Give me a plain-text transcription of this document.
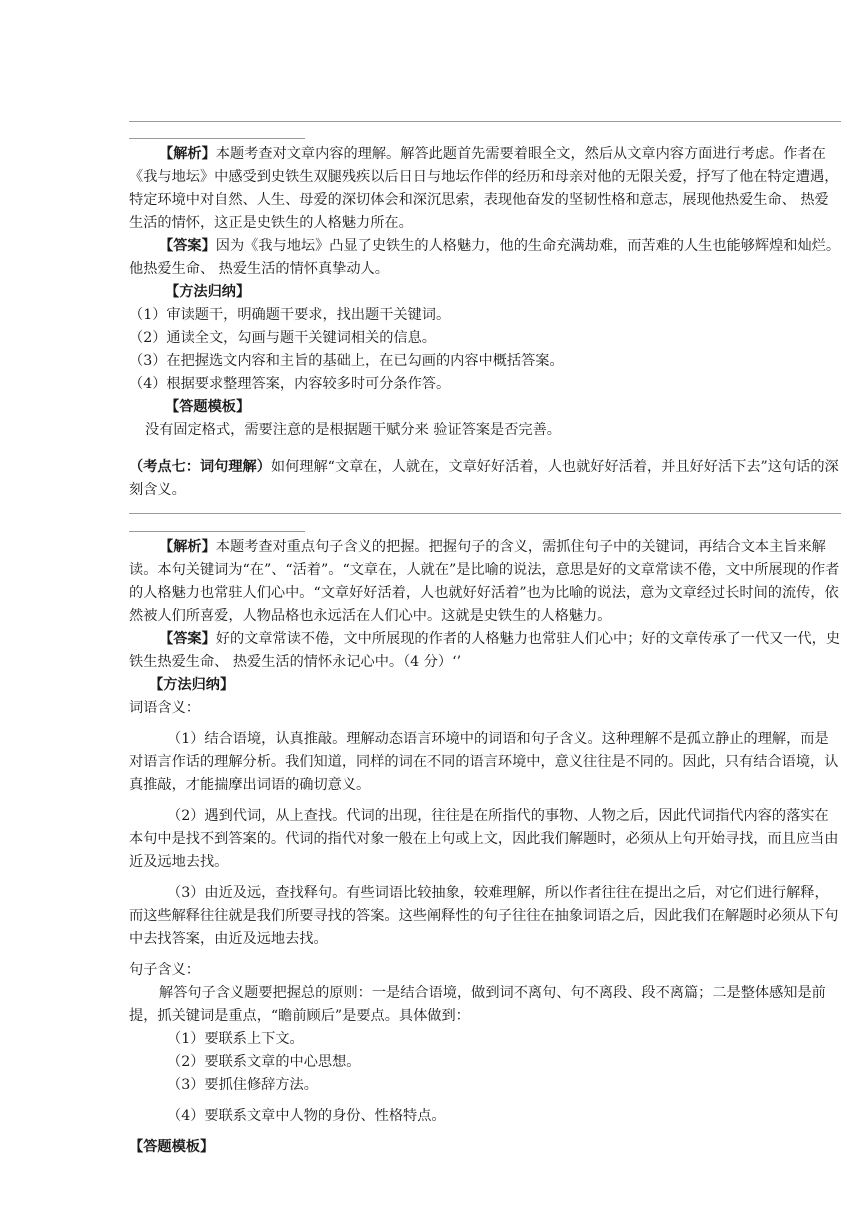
【解析】本题考查对文章内容的理解。解答此题首先需要着眼全文，然后从文章内容方面进行考虑。作者在《我与地坛》中感受到史铁生双腿残疾以后日日与地坛作伴的经历和母亲对他的无限关爱，抒写了他在特定遭遇，特定环境中对自然、人生、母爱的深切体会和深沉思索，表现他奋发的坚韧性格和意志，展现他热爱生命、 热爱生活的情怀，这正是史铁生的人格魅力所在。

【答案】因为《我与地坛》凸显了史铁生的人格魅力，他的生命充满劫难，而苦难的人生也能够辉煌和灿烂。他热爱生命、 热爱生活的情怀真挚动人。

【方法归纳】

（1）审读题干，明确题干要求，找出题干关键词。

（2）通读全文，勾画与题干关键词相关的信息。

（3）在把握选文内容和主旨的基础上，在已勾画的内容中概括答案。

（4）根据要求整理答案，内容较多时可分条作答。

【答题模板】

没有固定格式，需要注意的是根据题干赋分来 验证答案是否完善。

（考点七：词句理解）如何理解“文章在，人就在，文章好好活着，人也就好好活着，并且好好活下去”这句话的深刻含义。

【解析】本题考查对重点句子含义的把握。把握句子的含义，需抓住句子中的关键词，再结合文本主旨来解读。本句关键词为“在”、“活着”。“文章在，人就在”是比喻的说法，意思是好的文章常读不倦，文中所展现的作者的人格魅力也常驻人们心中。“文章好好活着，人也就好好活着”也为比喻的说法，意为文章经过长时间的流传，依然被人们所喜爱，人物品格也永远活在人们心中。这就是史铁生的人格魅力。

【答案】好的文章常读不倦，文中所展现的作者的人格魅力也常驻人们心中；好的文章传承了一代又一代，史铁生热爱生命、 热爱生活的情怀永记心中。（4 分）‘’

【方法归纳】

词语含义：

（1）结合语境，认真推敲。理解动态语言环境中的词语和句子含义。这种理解不是孤立静止的理解，而是对语言作话的理解分析。我们知道，同样的词在不同的语言环境中，意义往往是不同的。因此，只有结合语境，认真推敲，才能揣摩出词语的确切意义。

（2）遇到代词，从上查找。代词的出现，往往是在所指代的事物、人物之后，因此代词指代内容的落实在本句中是找不到答案的。代词的指代对象一般在上句或上文，因此我们解题时，必须从上句开始寻找，而且应当由近及远地去找。

（3）由近及远，查找释句。有些词语比较抽象，较难理解，所以作者往往在提出之后，对它们进行解释，而这些解释往往就是我们所要寻找的答案。这些阐释性的句子往往在抽象词语之后，因此我们在解题时必须从下句中去找答案，由近及远地去找。

句子含义：

解答句子含义题要把握总的原则：一是结合语境，做到词不离句、句不离段、段不离篇；二是整体感知是前提，抓关键词是重点，“瞻前顾后”是要点。具体做到：

（1）要联系上下文。

（2）要联系文章的中心思想。

（3）要抓住修辞方法。

（4）要联系文章中人物的身份、性格特点。

【答题模板】
